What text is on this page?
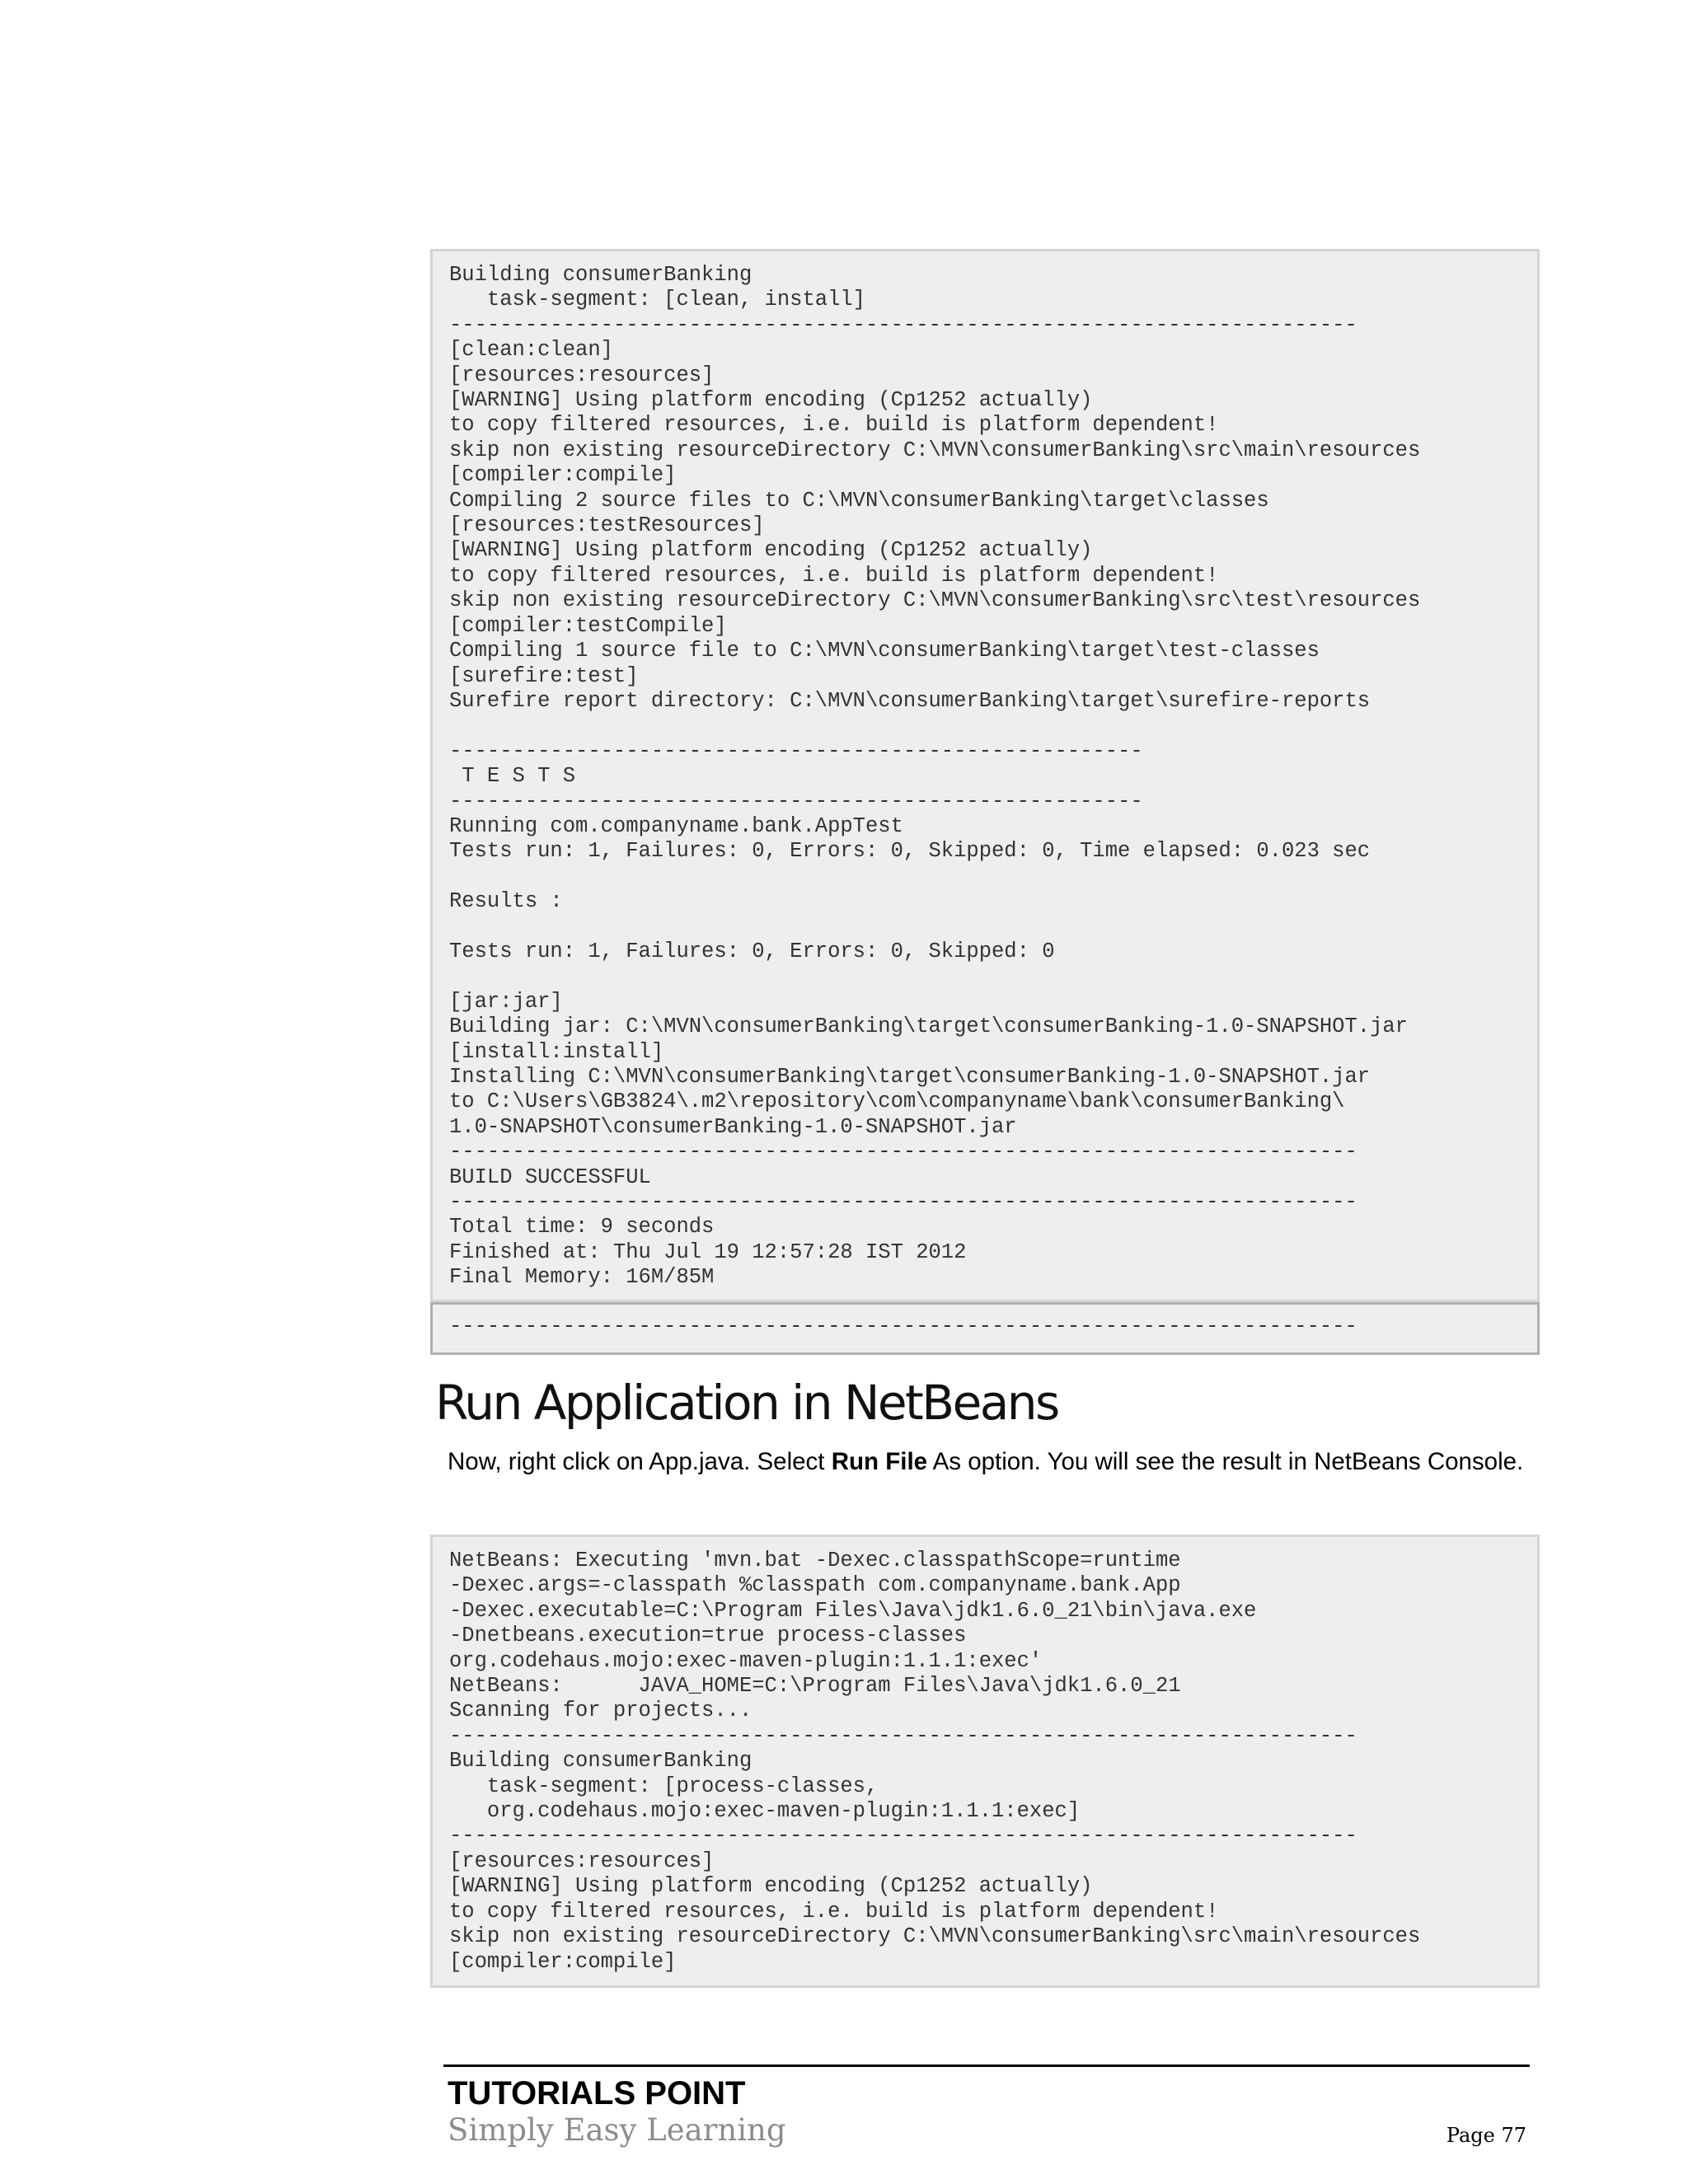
Building consumerBanking
task-segment: [clean, install]
------------------------------------------------------------------------
[clean:clean]
[resources:resources]
[WARNING] Using platform encoding (Cp1252 actually)
to copy filtered resources, i.e. build is platform dependent!
skip non existing resourceDirectory C:\MVN\consumerBanking\src\main\resources
[compiler:compile]
Compiling 2 source files to C:\MVN\consumerBanking\target\classes
[resources:testResources]
[WARNING] Using platform encoding (Cp1252 actually)
to copy filtered resources, i.e. build is platform dependent!
skip non existing resourceDirectory C:\MVN\consumerBanking\src\test\resources
[compiler:testCompile]
Compiling 1 source file to C:\MVN\consumerBanking\target\test-classes
[surefire:test]
Surefire report directory: C:\MVN\consumerBanking\target\surefire-reports

-------------------------------------------------------
T E S T S
-------------------------------------------------------
Running com.companyname.bank.AppTest
Tests run: 1, Failures: 0, Errors: 0, Skipped: 0, Time elapsed: 0.023 sec

Results :

Tests run: 1, Failures: 0, Errors: 0, Skipped: 0

[jar:jar]
Building jar: C:\MVN\consumerBanking\target\consumerBanking-1.0-SNAPSHOT.jar
[install:install]
Installing C:\MVN\consumerBanking\target\consumerBanking-1.0-SNAPSHOT.jar
to C:\Users\GB3824\.m2\repository\com\companyname\bank\consumerBanking\
1.0-SNAPSHOT\consumerBanking-1.0-SNAPSHOT.jar
------------------------------------------------------------------------
BUILD SUCCESSFUL
------------------------------------------------------------------------
Total time: 9 seconds
Finished at: Thu Jul 19 12:57:28 IST 2012
Final Memory: 16M/85M
------------------------------------------------------------------------
Run Application in NetBeans

Now, right click on App.java. Select Run File As option. You will see the result in NetBeans Console.

NetBeans: Executing 'mvn.bat -Dexec.classpathScope=runtime
-Dexec.args=-classpath %classpath com.companyname.bank.App
-Dexec.executable=C:\Program Files\Java\jdk1.6.0_21\bin\java.exe
-Dnetbeans.execution=true process-classes
org.codehaus.mojo:exec-maven-plugin:1.1.1:exec'
NetBeans:      JAVA_HOME=C:\Program Files\Java\jdk1.6.0_21
Scanning for projects...
------------------------------------------------------------------------
Building consumerBanking
task-segment: [process-classes,
org.codehaus.mojo:exec-maven-plugin:1.1.1:exec]
------------------------------------------------------------------------
[resources:resources]
[WARNING] Using platform encoding (Cp1252 actually)
to copy filtered resources, i.e. build is platform dependent!
skip non existing resourceDirectory C:\MVN\consumerBanking\src\main\resources
[compiler:compile]
TUTORIALS POINT
Simply Easy Learning	Page 77
